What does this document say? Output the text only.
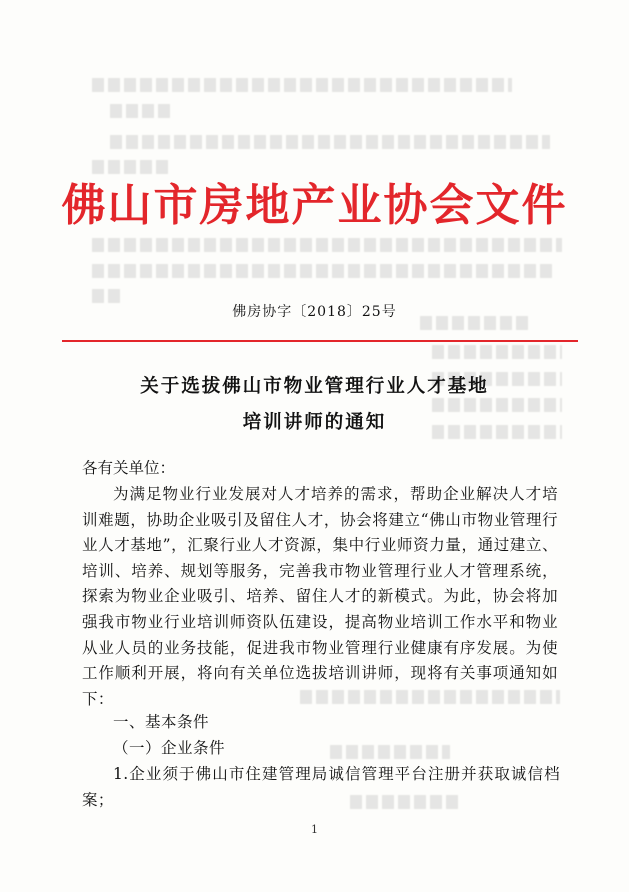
佛山市房地产业协会文件
佛房协字〔2018〕25号
关于选拔佛山市物业管理行业人才基地
培训讲师的通知
各有关单位：

为满足物业行业发展对人才培养的需求，帮助企业解决人才培训难题，协助企业吸引及留住人才，协会将建立“佛山市物业管理行业人才基地”，汇聚行业人才资源，集中行业师资力量，通过建立、培训、培养、规划等服务，完善我市物业管理行业人才管理系统，探索为物业企业吸引、培养、留住人才的新模式。为此，协会将加强我市物业行业培训师资队伍建设，提高物业培训工作水平和物业从业人员的业务技能，促进我市物业管理行业健康有序发展。为使工作顺利开展，将向有关单位选拔培训讲师，现将有关事项通知如下：

一、基本条件
（一）企业条件

1.企业须于佛山市住建管理局诚信管理平台注册并获取诚信档案；

1
